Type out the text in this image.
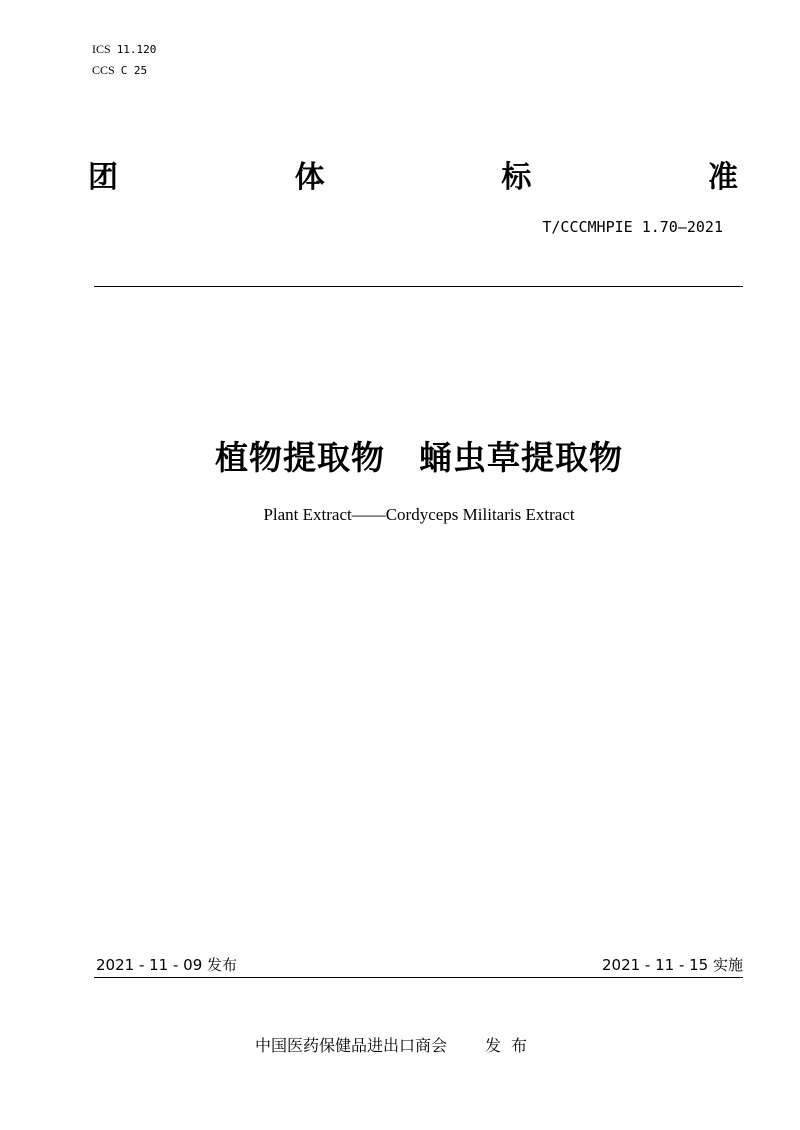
ICS 11.120
CCS C 25
团	体	标	准
T/CCCMHPIE 1.70—2021
植物提取物　蛹虫草提取物
Plant Extract——Cordyceps Militaris Extract
2021 - 11 - 09 发布	2021 - 11 - 15 实施
中国医药保健品进出口商会 发布
